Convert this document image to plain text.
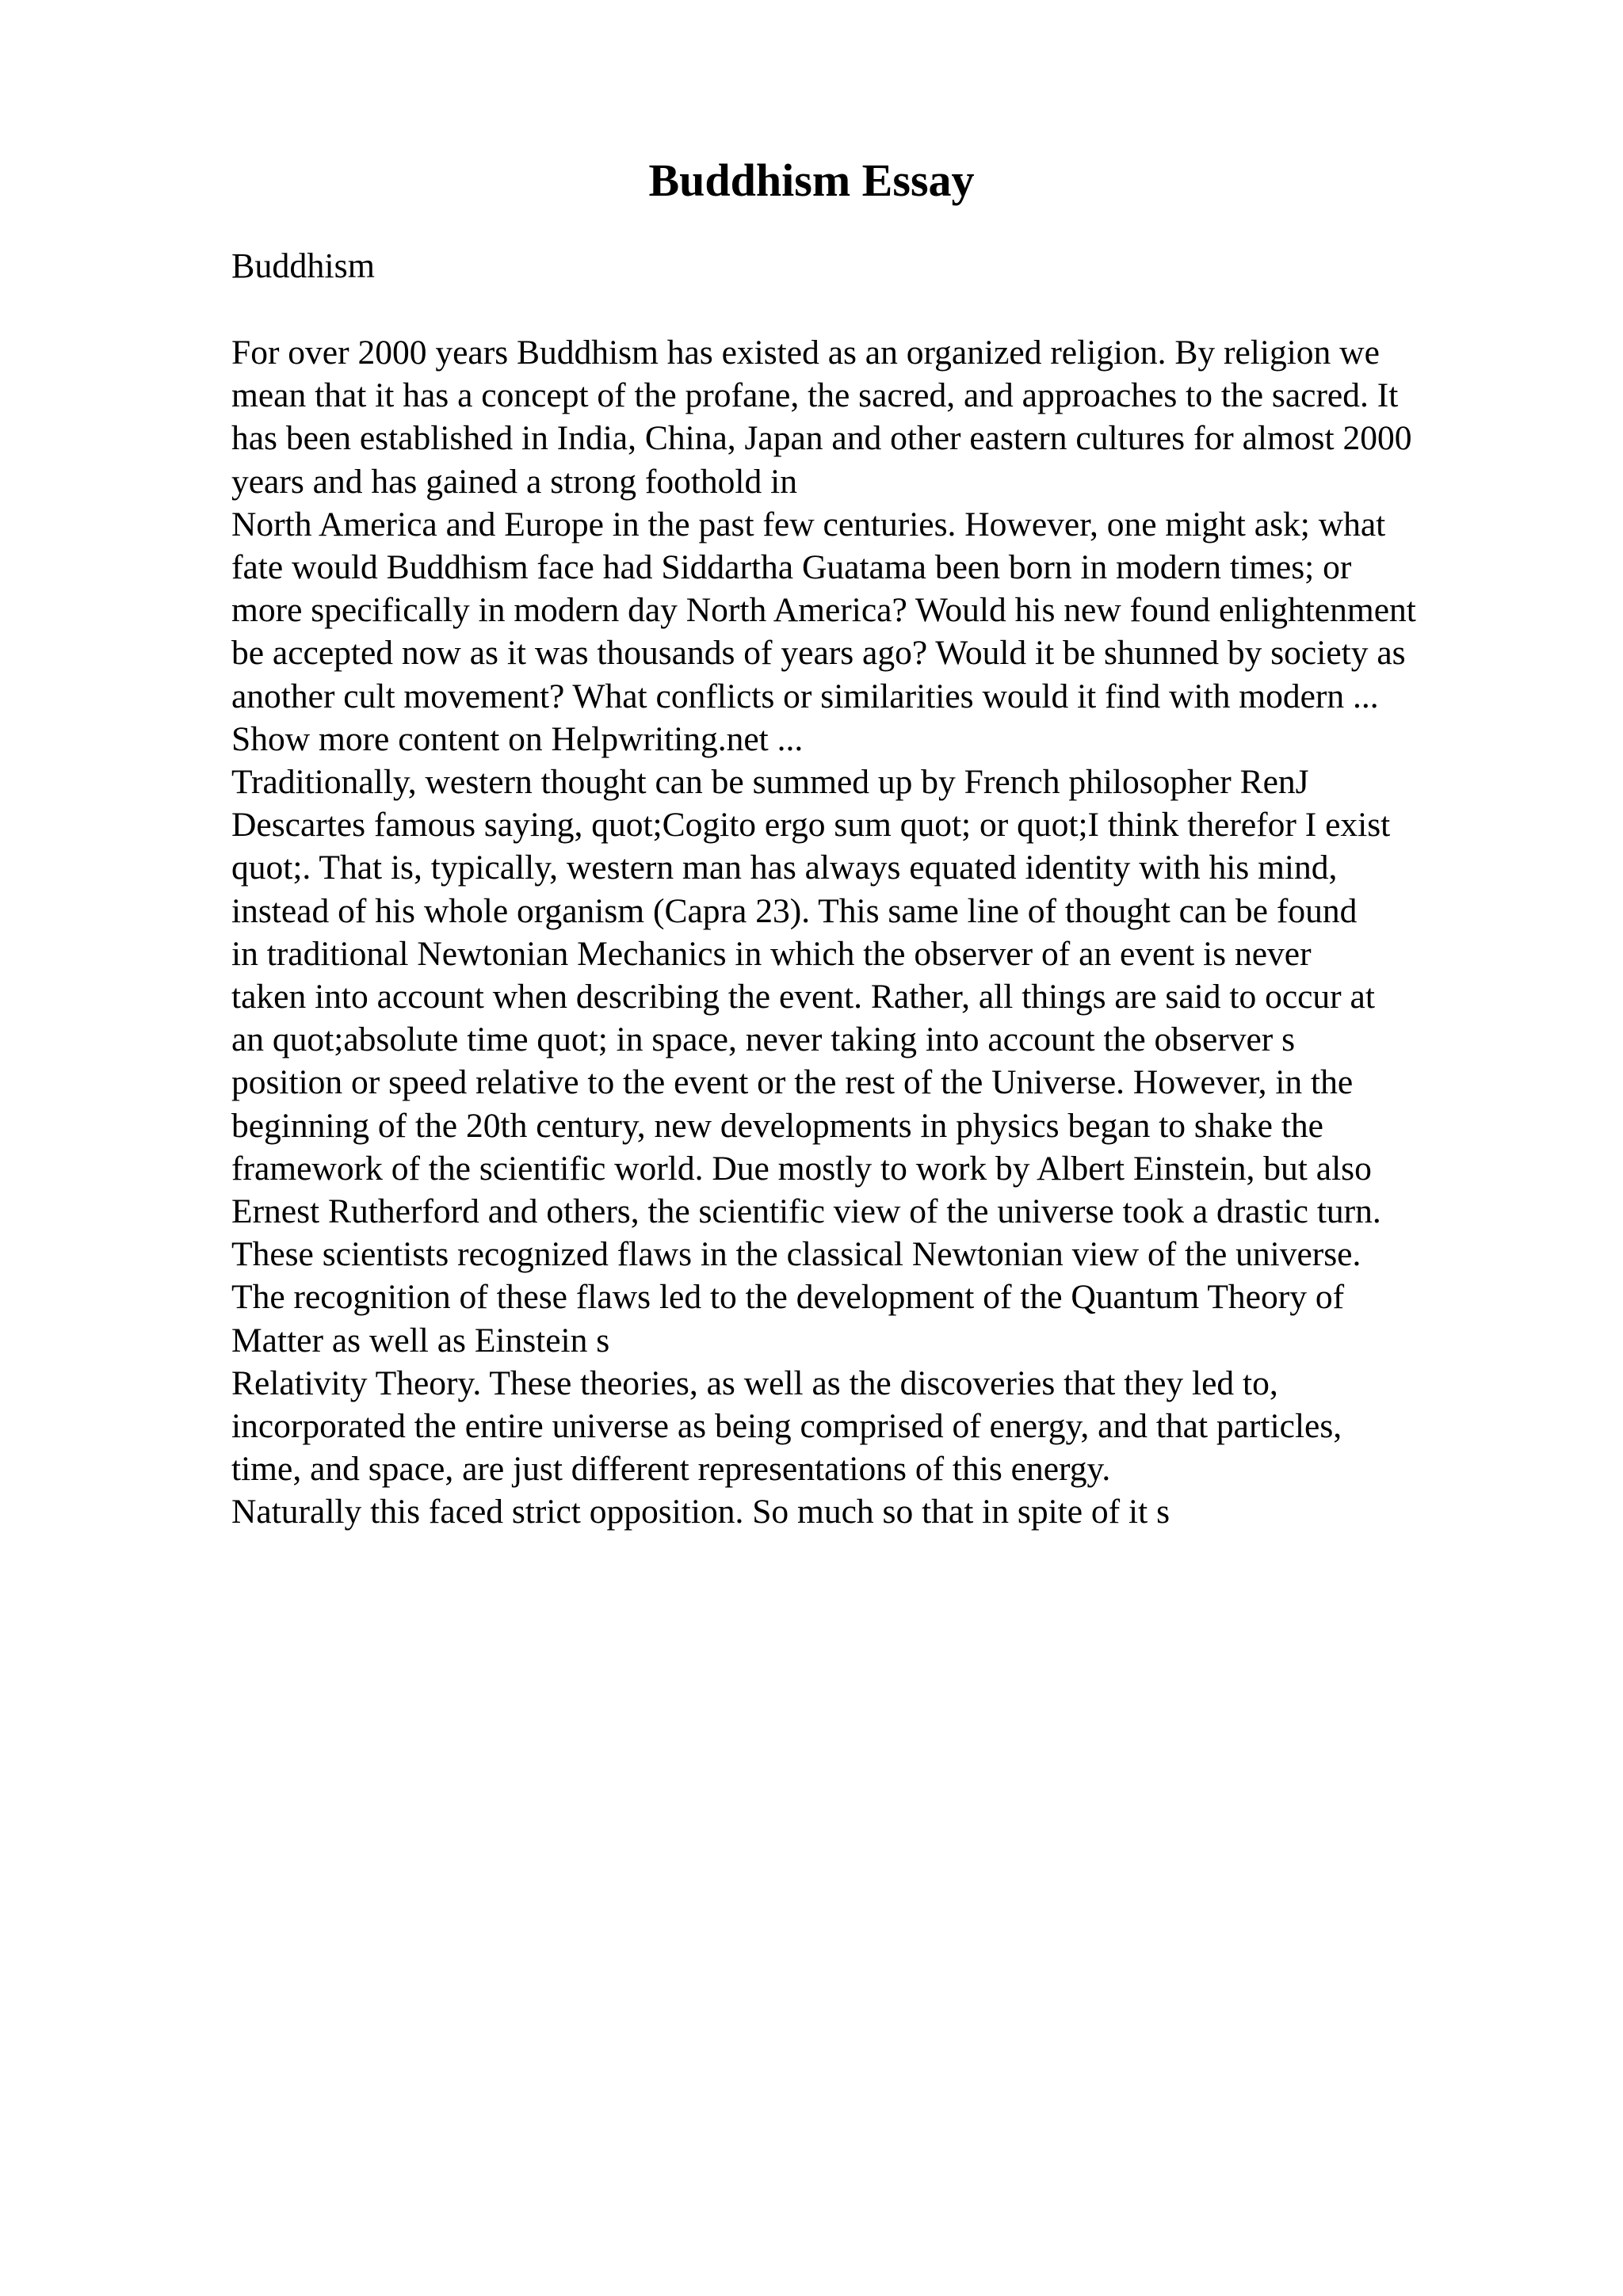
Buddhism Essay

Buddhism

For over 2000 years Buddhism has existed as an organized religion. By religion we
mean that it has a concept of the profane, the sacred, and approaches to the sacred. It
has been established in India, China, Japan and other eastern cultures for almost 2000
years and has gained a strong foothold in
North America and Europe in the past few centuries. However, one might ask; what
fate would Buddhism face had Siddartha Guatama been born in modern times; or
more specifically in modern day North America? Would his new found enlightenment
be accepted now as it was thousands of years ago? Would it be shunned by society as
another cult movement? What conflicts or similarities would it find with modern ...
Show more content on Helpwriting.net ...
Traditionally, western thought can be summed up by French philosopher RenJ
Descartes famous saying, quot;Cogito ergo sum quot; or quot;I think therefor I exist
quot;. That is, typically, western man has always equated identity with his mind,
instead of his whole organism (Capra 23). This same line of thought can be found
in traditional Newtonian Mechanics in which the observer of an event is never
taken into account when describing the event. Rather, all things are said to occur at
an quot;absolute time quot; in space, never taking into account the observer s
position or speed relative to the event or the rest of the Universe. However, in the
beginning of the 20th century, new developments in physics began to shake the
framework of the scientific world. Due mostly to work by Albert Einstein, but also
Ernest Rutherford and others, the scientific view of the universe took a drastic turn.
These scientists recognized flaws in the classical Newtonian view of the universe.
The recognition of these flaws led to the development of the Quantum Theory of
Matter as well as Einstein s
Relativity Theory. These theories, as well as the discoveries that they led to,
incorporated the entire universe as being comprised of energy, and that particles,
time, and space, are just different representations of this energy.
Naturally this faced strict opposition. So much so that in spite of it s
